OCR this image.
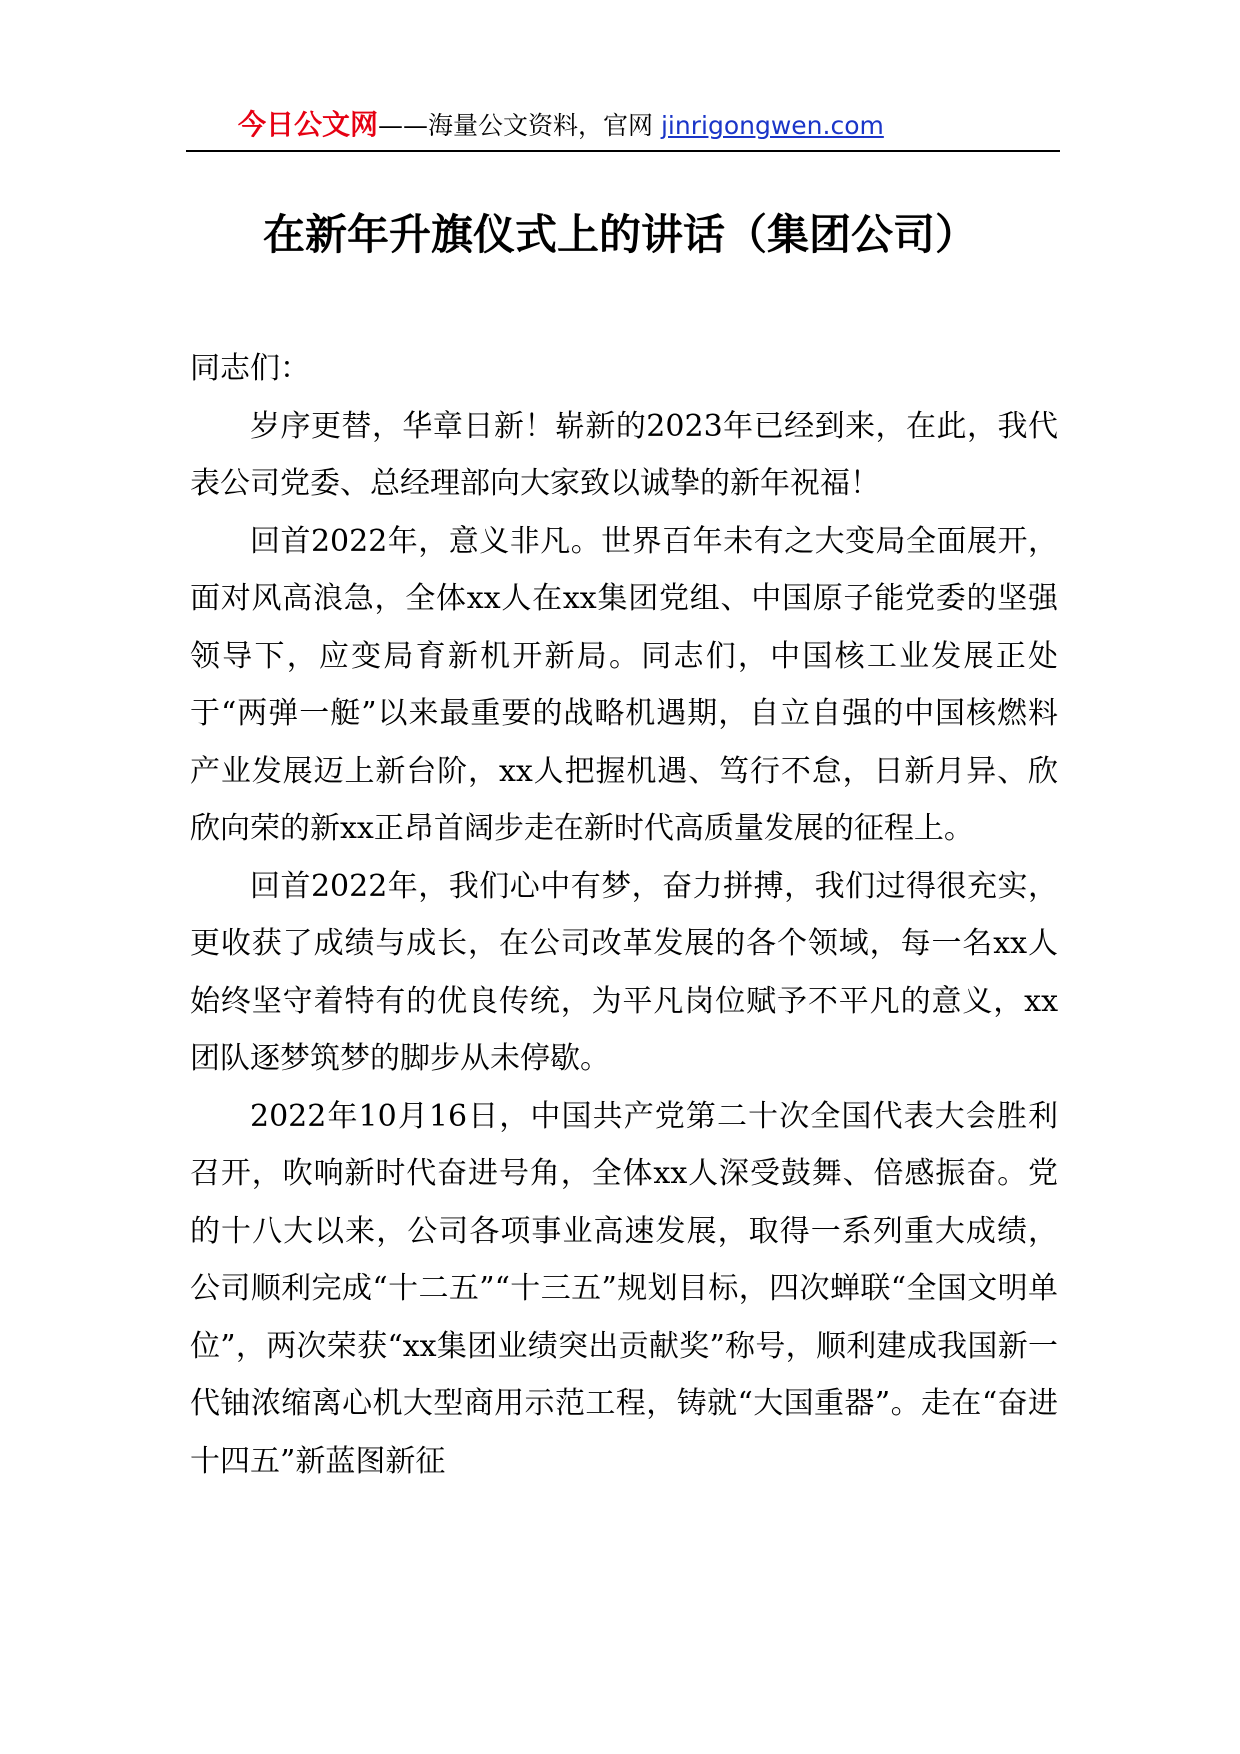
今日公文网——海量公文资料，官网 jinrigongwen.com
在新年升旗仪式上的讲话（集团公司）

同志们：

岁序更替，华章日新！崭新的2023年已经到来，在此，我代表公司党委、总经理部向大家致以诚挚的新年祝福！

回首2022年，意义非凡。世界百年未有之大变局全面展开，面对风高浪急，全体xx人在xx集团党组、中国原子能党委的坚强领导下，应变局育新机开新局。同志们，中国核工业发展正处于“两弹一艇”以来最重要的战略机遇期，自立自强的中国核燃料产业发展迈上新台阶，xx人把握机遇、笃行不怠，日新月异、欣欣向荣的新xx正昂首阔步走在新时代高质量发展的征程上。

回首2022年，我们心中有梦，奋力拼搏，我们过得很充实，更收获了成绩与成长，在公司改革发展的各个领域，每一名xx人始终坚守着特有的优良传统，为平凡岗位赋予不平凡的意义，xx团队逐梦筑梦的脚步从未停歇。

2022年10月16日，中国共产党第二十次全国代表大会胜利召开，吹响新时代奋进号角，全体xx人深受鼓舞、倍感振奋。党的十八大以来，公司各项事业高速发展，取得一系列重大成绩，公司顺利完成“十二五”“十三五”规划目标，四次蝉联“全国文明单位”，两次荣获“xx集团业绩突出贡献奖”称号，顺利建成我国新一代铀浓缩离心机大型商用示范工程，铸就“大国重器”。走在“奋进十四五”新蓝图新征
